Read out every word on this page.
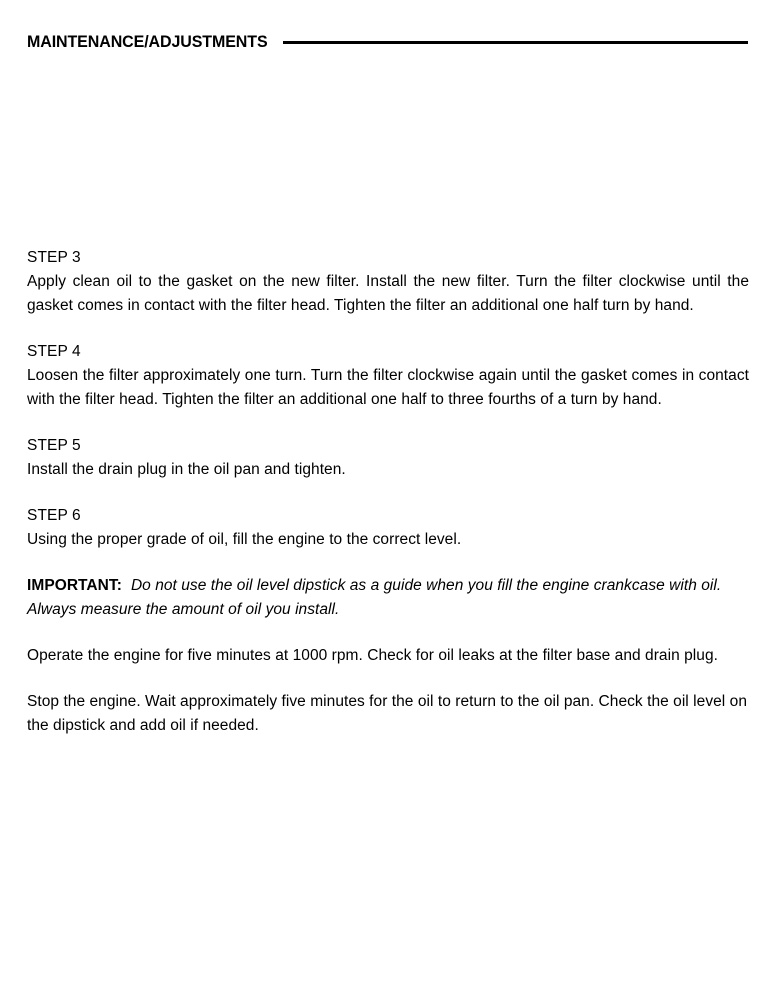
MAINTENANCE/ADJUSTMENTS
STEP 3

Apply clean oil to the gasket on the new filter. Install the new filter. Turn the filter clockwise until the gasket comes in contact with the filter head. Tighten the filter an additional one half turn by hand.

STEP 4

Loosen the filter approximately one turn. Turn the filter clockwise again until the gasket comes in contact with the filter head. Tighten the filter an additional one half to three fourths of a turn by hand.

STEP 5

Install the drain plug in the oil pan and tighten.

STEP 6

Using the proper grade of oil, fill the engine to the correct level.

IMPORTANT: Do not use the oil level dipstick as a guide when you fill the engine crankcase with oil. Always measure the amount of oil you install.

Operate the engine for five minutes at 1000 rpm. Check for oil leaks at the filter base and drain plug.

Stop the engine. Wait approximately five minutes for the oil to return to the oil pan. Check the oil level on the dipstick and add oil if needed.
